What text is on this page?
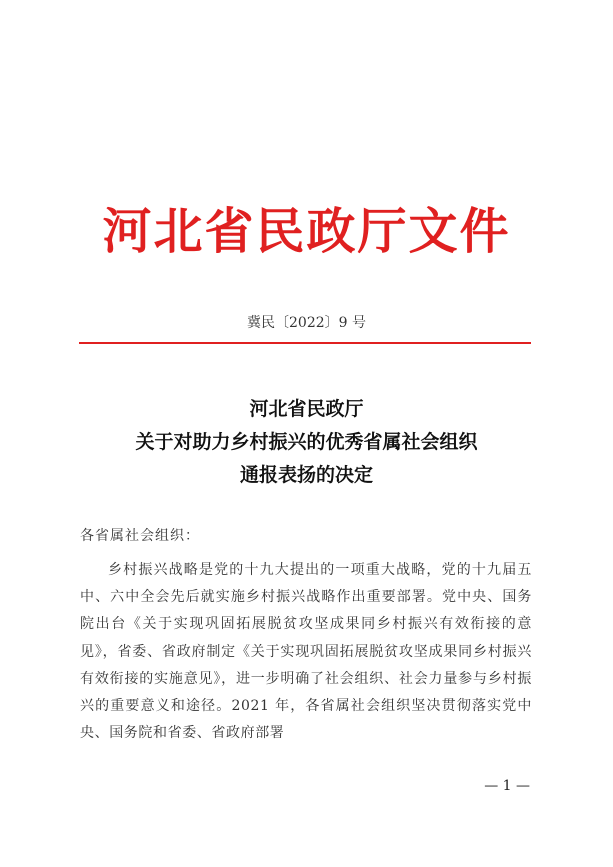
河北省民政厅文件
冀民〔2022〕9 号
河北省民政厅
关于对助力乡村振兴的优秀省属社会组织
通报表扬的决定
各省属社会组织：
乡村振兴战略是党的十九大提出的一项重大战略，党的十九届五中、六中全会先后就实施乡村振兴战略作出重要部署。党中央、国务院出台《关于实现巩固拓展脱贫攻坚成果同乡村振兴有效衔接的意见》，省委、省政府制定《关于实现巩固拓展脱贫攻坚成果同乡村振兴有效衔接的实施意见》，进一步明确了社会组织、社会力量参与乡村振兴的重要意义和途径。2021 年，各省属社会组织坚决贯彻落实党中央、国务院和省委、省政府部署
— 1 —
